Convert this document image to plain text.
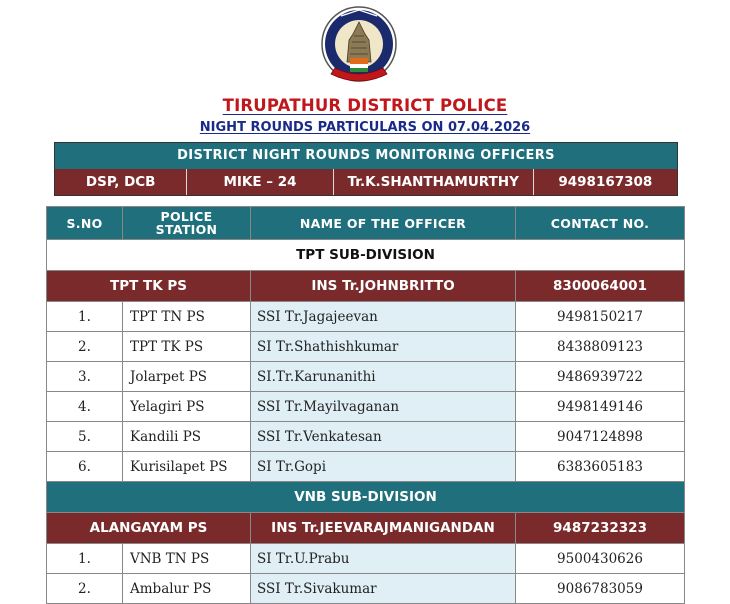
TIRUPATHUR DISTRICT POLICE
NIGHT ROUNDS PARTICULARS ON 07.04.2026
DISTRICT NIGHT ROUNDS MONITORING OFFICERS
DSP, DCB	MIKE – 24	Tr.K.SHANTHAMURTHY	9498167308
S.NO	POLICE STATION	NAME OF THE OFFICER	CONTACT NO.
TPT SUB-DIVISION			
TPT TK PS		INS Tr.JOHNBRITTO	8300064001
1.	TPT TN PS	SSI Tr.Jagajeevan	9498150217
2.	TPT TK PS	SI Tr.Shathishkumar	8438809123
3.	Jolarpet PS	SI.Tr.Karunanithi	9486939722
4.	Yelagiri PS	SSI Tr.Mayilvaganan	9498149146
5.	Kandili PS	SSI Tr.Venkatesan	9047124898
6.	Kurisilapet PS	SI Tr.Gopi	6383605183
VNB SUB-DIVISION			
ALANGAYAM PS		INS Tr.JEEVARAJMANIGANDAN	9487232323
1.	VNB TN PS	SI Tr.U.Prabu	9500430626
2.	Ambalur PS	SSI Tr.Sivakumar	9086783059
